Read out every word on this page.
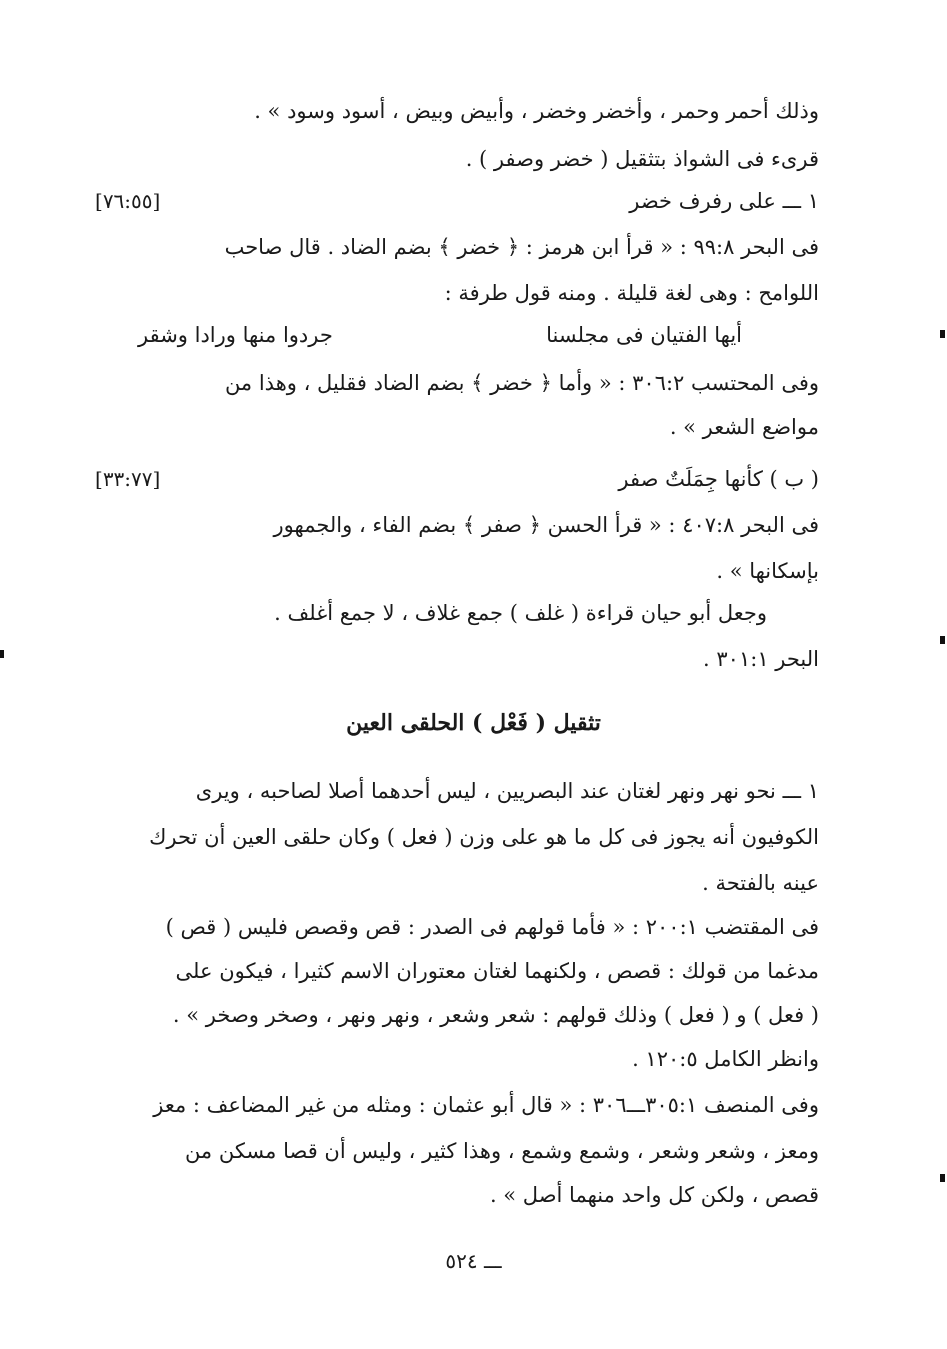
وذلك أحمر وحمر ، وأخضر وخضر ، وأبيض وبيض ، أسود وسود » .
قرىء فى الشواذ بتثقيل ( خضر وصفر ) .
١ ـــ على رفرف خضر
[٧٦:٥٥]
فى البحر ٩٩:٨ : « قرأ ابن هرمز : ﴿ خضر ﴾ بضم الضاد . قال صاحب
اللوامح : وهى لغة قليلة . ومنه قول طرفة :
أيها الفتيان فى مجلسنا
جردوا منها ورادا وشقر
وفى المحتسب ٣٠٦:٢ : « وأما ﴿ خضر ﴾ بضم الضاد فقليل ، وهذا من
مواضع الشعر » .
( ب ) كأنها جِمَلَتٌ صفر
[٣٣:٧٧]
فى البحر ٤٠٧:٨ : « قرأ الحسن ﴿ صفر ﴾ بضم الفاء ، والجمهور
بإسكانها » .
وجعل أبو حيان قراءة ( غلف ) جمع غلاف ، لا جمع أغلف .
البحر ٣٠١:١ .
تثقيل ( فَعْل ) الحلقى العين
١ ـــ نحو نهر ونهر لغتان عند البصريين ، ليس أحدهما أصلا لصاحبه ، ويرى
الكوفيون أنه يجوز فى كل ما هو على وزن ( فعل ) وكان حلقى العين أن تحرك
عينه بالفتحة .
فى المقتضب ٢٠٠:١ : « فأما قولهم فى الصدر : قص وقصص فليس ( قص )
مدغما من قولك : قصص ، ولكنهما لغتان معتوران الاسم كثيرا ، فيكون على
( فعل ) و ( فعل ) وذلك قولهم : شعر وشعر ، ونهر ونهر ، وصخر وصخر » .
وانظر الكامل ١٢٠:٥ .
وفى المنصف ٣٠٥:١ـــ٣٠٦ : « قال أبو عثمان : ومثله من غير المضاعف : معز
ومعز ، وشعر وشعر ، وشمع وشمع ، وهذا كثير ، وليس أن قصا مسكن من
قصص ، ولكن كل واحد منهما أصل » .
ـــ ٥٢٤
